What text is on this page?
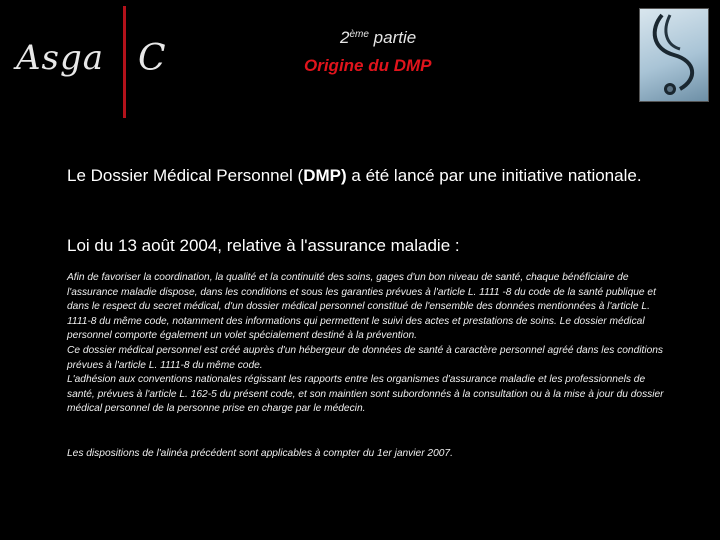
Asga C
2ème partie
Origine du DMP
Le Dossier Médical Personnel (DMP) a été lancé par une initiative nationale.
Loi du 13 août 2004, relative à l'assurance maladie :

Afin de favoriser la coordination, la qualité et la continuité des soins, gages d'un bon niveau de santé, chaque bénéficiaire de l'assurance maladie dispose, dans les conditions et sous les garanties prévues à l'article L. 1111 -8 du code de la santé publique et dans le respect du secret médical, d'un dossier médical personnel constitué de l'ensemble des données mentionnées à l'article L. 1111-8 du même code, notamment des informations qui permettent le suivi des actes et prestations de soins. Le dossier médical personnel comporte également un volet spécialement destiné à la prévention.

Ce dossier médical personnel est créé auprès d'un hébergeur de données de santé à caractère personnel agréé dans les conditions prévues à l'article L. 1111-8 du même code.

L'adhésion aux conventions nationales régissant les rapports entre les organismes d'assurance maladie et les professionnels de santé, prévues à l'article L. 162-5 du présent code, et son maintien sont subordonnés à la consultation ou à la mise à jour du dossier médical personnel de la personne prise en charge par le médecin.

Les dispositions de l'alinéa précédent sont applicables à compter du 1er janvier 2007.
